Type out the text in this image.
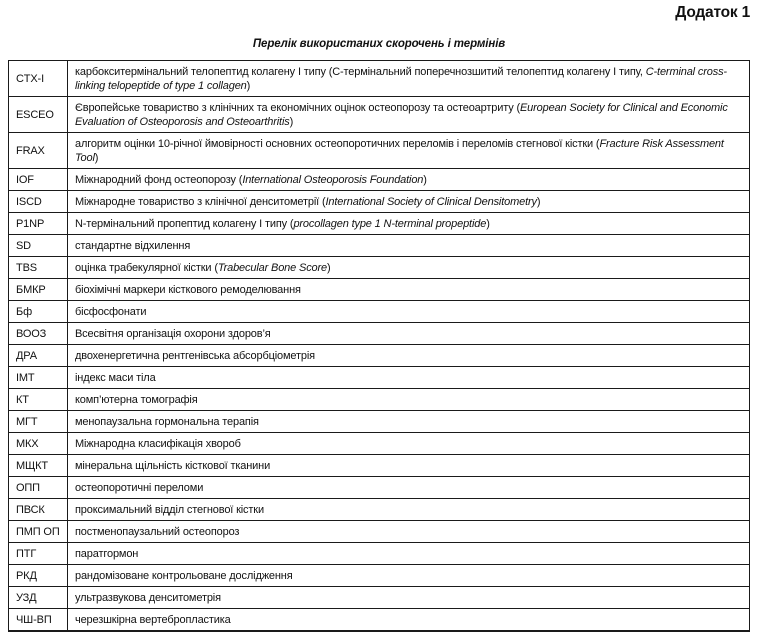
Додаток 1
Перелік використаних скорочень і термінів
CTX-I	карбокситермінальний телопептид колагену І типу (С-термінальний поперечнозшитий телопептид колагену І типу, C-terminal cross-linking telopeptide of type 1 collagen)
ESCEO	Європейське товариство з клінічних та економічних оцінок остеопорозу та остеоартриту (European Society for Clinical and Economic Evaluation of Osteoporosis and Osteoarthritis)
FRAX	алгоритм оцінки 10-річної ймовірності основних остеопоротичних переломів і переломів стегнової кістки (Fracture Risk Assessment Tool)
IOF	Міжнародний фонд остеопорозу (International Osteoporosis Foundation)
ISCD	Міжнародне товариство з клінічної денситометрії (International Society of Clinical Densitometry)
P1NP	N-термінальний пропептид колагену І типу (procollagen type 1 N-terminal propeptide)
SD	стандартне відхилення
TBS	оцінка трабекулярної кістки (Trabecular Bone Score)
БМКР	біохімічні маркери кісткового ремоделювання
Бф	бісфосфонати
ВООЗ	Всесвітня організація охорони здоров’я
ДРА	двохенергетична рентгенівська абсорбціометрія
ІМТ	індекс маси тіла
КТ	комп’ютерна томографія
МГТ	менопаузальна гормональна терапія
МКХ	Міжнародна класифікація хвороб
МЩКТ	мінеральна щільність кісткової тканини
ОПП	остеопоротичні переломи
ПВСК	проксимальний відділ стегнової кістки
ПМП ОП	постменопаузальний остеопороз
ПТГ	паратгормон
РКД	рандомізоване контрольоване дослідження
УЗД	ультразвукова денситометрія
ЧШ-ВП	черезшкірна вертебропластика
